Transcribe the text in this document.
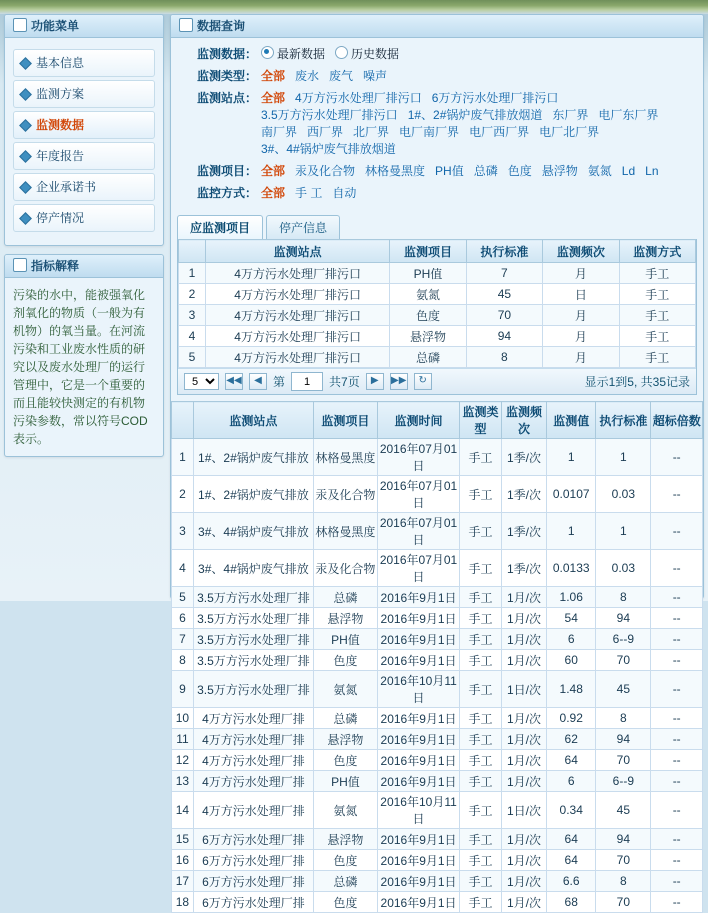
功能菜单
基本信息
监测方案
监测数据
年度报告
企业承诺书
停产情况
指标解释
污染的水中，能被强氧化剂氧化的物质（一般为有机物）的氧当量。在河流污染和工业废水性质的研究以及废水处理厂的运行管理中，它是一个重要的而且能较快测定的有机物污染参数，常以符号COD表示。
数据查询
监测数据：	最新数据 历史数据
监测类型： 全部 废水 废气 噪声
监测站点： 全部 4万方污水处理厂排污口 6万方污水处理厂排污口3.5万方污水处理厂排污口 1#、2#锅炉废气排放烟道 东厂界 电厂东厂界南厂界 西厂界 北厂界 电厂南厂界 电厂西厂界 电厂北厂界3#、4#锅炉废气排放烟道
监测项目： 全部 汞及化合物 林格曼黑度 PH值 总磷 色度 悬浮物 氨氮 Ld Ln
监控方式： 全部 手 工 自动
应监测项目	停产信息
	监测站点	监测项目	执行标准	监测频次	监测方式
1	4万方污水处理厂排污口	PH值	7	月	手工
2	4万方污水处理厂排污口	氨氮	45	日	手工
3	4万方污水处理厂排污口	色度	70	月	手工
4	4万方污水处理厂排污口	悬浮物	94	月	手工
5	4万方污水处理厂排污口	总磷	8	月	手工
5
◀◀	◀ 第
1	共7页	▶	▶▶	↻	显示1到5, 共35记录
	监测站点	监测项目	监测时间	监测类型	监测频次	监测值	执行标准	超标倍数
1	1#、2#锅炉废气排放	林格曼黑度	2016年07月01日	手工	1季/次	1	1	--
2	1#、2#锅炉废气排放	汞及化合物	2016年07月01日	手工	1季/次	0.0107	0.03	--
3	3#、4#锅炉废气排放	林格曼黑度	2016年07月01日	手工	1季/次	1	1	--
4	3#、4#锅炉废气排放	汞及化合物	2016年07月01日	手工	1季/次	0.0133	0.03	--
5	3.5万方污水处理厂排	总磷	2016年9月1日	手工	1月/次	1.06	8	--
6	3.5万方污水处理厂排	悬浮物	2016年9月1日	手工	1月/次	54	94	--
7	3.5万方污水处理厂排	PH值	2016年9月1日	手工	1月/次	6	6--9	--
8	3.5万方污水处理厂排	色度	2016年9月1日	手工	1月/次	60	70	--
9	3.5万方污水处理厂排	氨氮	2016年10月11日	手工	1日/次	1.48	45	--
10	4万方污水处理厂排	总磷	2016年9月1日	手工	1月/次	0.92	8	--
11	4万方污水处理厂排	悬浮物	2016年9月1日	手工	1月/次	62	94	--
12	4万方污水处理厂排	色度	2016年9月1日	手工	1月/次	64	70	--
13	4万方污水处理厂排	PH值	2016年9月1日	手工	1月/次	6	6--9	--
14	4万方污水处理厂排	氨氮	2016年10月11日	手工	1日/次	0.34	45	--
15	6万方污水处理厂排	悬浮物	2016年9月1日	手工	1月/次	64	94	--
16	6万方污水处理厂排	色度	2016年9月1日	手工	1月/次	64	70	--
17	6万方污水处理厂排	总磷	2016年9月1日	手工	1月/次	6.6	8	--
18	6万方污水处理厂排	色度	2016年9月1日	手工	1月/次	68	70	--
